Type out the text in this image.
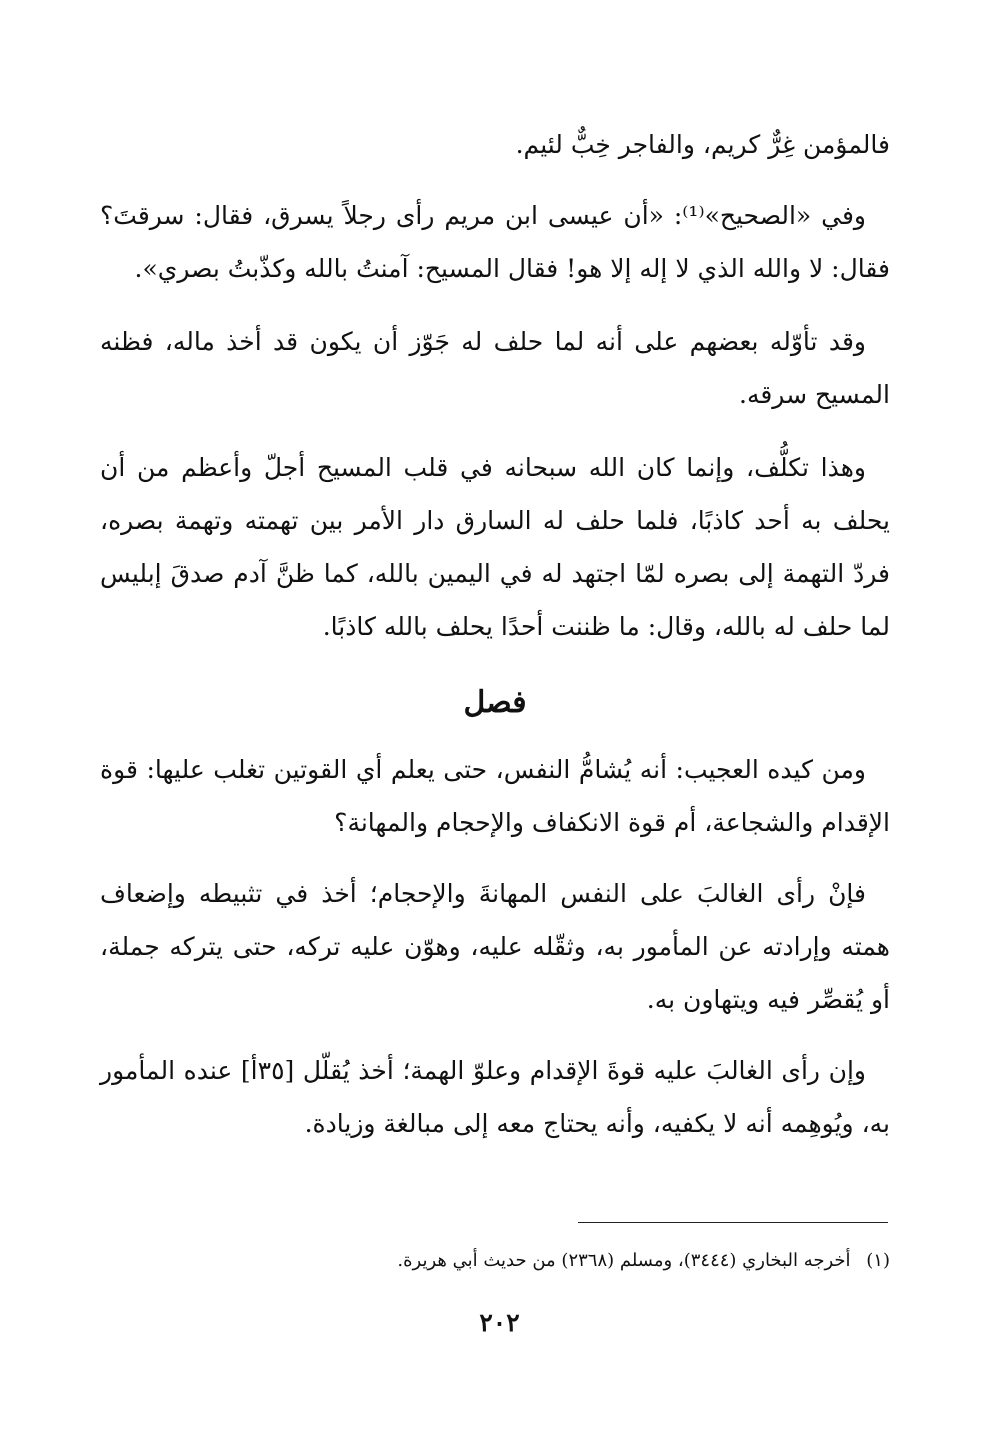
فالمؤمن غِرٌّ كريم، والفاجر خِبٌّ لئيم.

وفي «الصحيح»⁽¹⁾: «أن عيسى ابن مريم رأى رجلاً يسرق، فقال: سرقتَ؟ فقال: لا والله الذي لا إله إلا هو! فقال المسيح: آمنتُ بالله وكذّبتُ بصري».

وقد تأوّله بعضهم على أنه لما حلف له جَوّز أن يكون قد أخذ ماله، فظنه المسيح سرقه.

وهذا تكلُّف، وإنما كان الله سبحانه في قلب المسيح أجلّ وأعظم من أن يحلف به أحد كاذبًا، فلما حلف له السارق دار الأمر بين تهمته وتهمة بصره، فردّ التهمة إلى بصره لمّا اجتهد له في اليمين بالله، كما ظنَّ آدم صدقَ إبليس لما حلف له بالله، وقال: ما ظننت أحدًا يحلف بالله كاذبًا.

فصل

ومن كيده العجيب: أنه يُشامُّ النفس، حتى يعلم أي القوتين تغلب عليها: قوة الإقدام والشجاعة، أم قوة الانكفاف والإحجام والمهانة؟

فإنْ رأى الغالبَ على النفس المهانةَ والإحجام؛ أخذ في تثبيطه وإضعاف همته وإرادته عن المأمور به، وثقّله عليه، وهوّن عليه تركه، حتى يتركه جملة، أو يُقصِّر فيه ويتهاون به.

وإن رأى الغالبَ عليه قوةَ الإقدام وعلوّ الهمة؛ أخذ يُقلّل [٣٥أ] عنده المأمور به، ويُوهِمه أنه لا يكفيه، وأنه يحتاج معه إلى مبالغة وزيادة.

(١) أخرجه البخاري (٣٤٤٤)، ومسلم (٢٣٦٨) من حديث أبي هريرة.
٢٠٢
